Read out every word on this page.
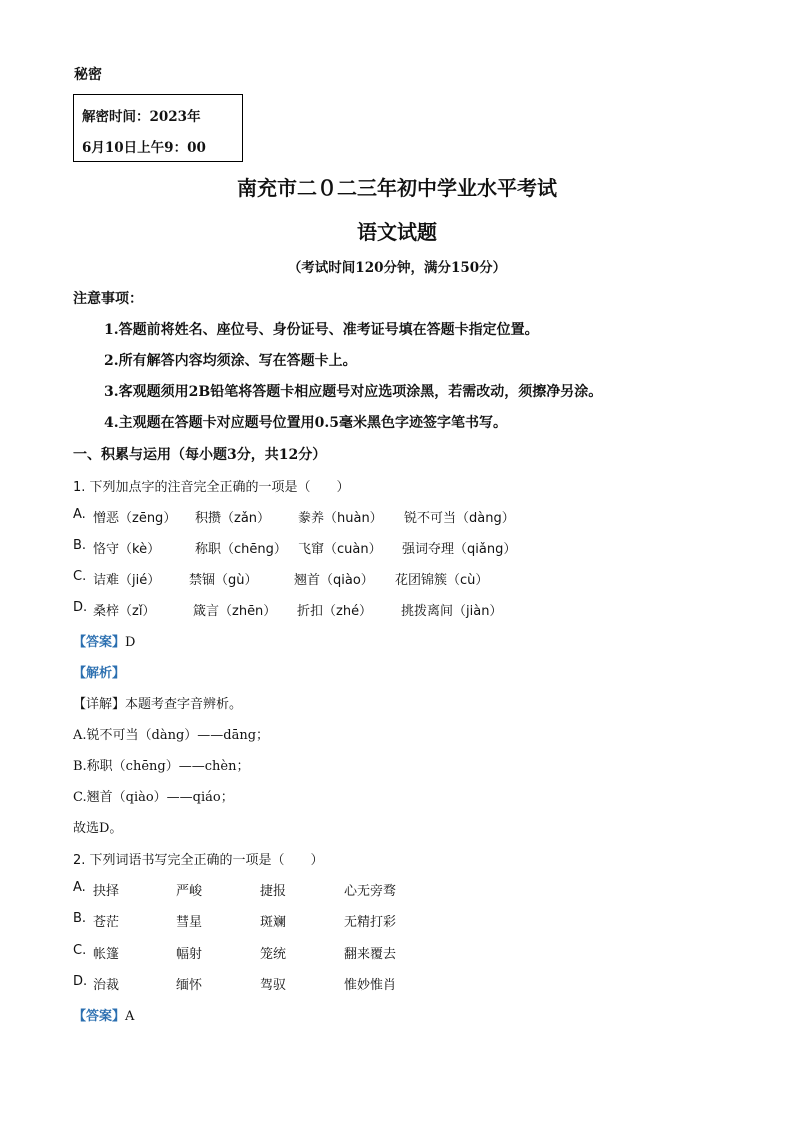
秘密
解密时间：2023年
6月10日上午9：00
南充市二０二三年初中学业水平考试
语文试题
（考试时间120分钟，满分150分）
注意事项：
1.答题前将姓名、座位号、身份证号、准考证号填在答题卡指定位置。
2.所有解答内容均须涂、写在答题卡上。
3.客观题须用2B铅笔将答题卡相应题号对应选项涂黑，若需改动，须擦净另涂。
4.主观题在答题卡对应题号位置用0.5毫米黑色字迹签字笔书写。
一、积累与运用（每小题3分，共12分）
1. 下列加点字的注音完全正确的一项是（　　）
A. 憎恶（zēng） 积攒（zǎn） 豢养（huàn） 锐不可当（dàng）
B. 恪守（kè）	称职（chēng） 飞窜（cuàn） 强词夺理（qiǎng）
C. 诘难（jié） 禁锢（gù）	翘首（qiào） 花团锦簇（cù）
D. 桑梓（zǐ）	箴言（zhēn） 折扣（zhé） 挑拨离间（jiàn）
【答案】D
【解析】
【详解】本题考查字音辨析。
A.锐不可当（dàng）——dāng；
B.称职（chēng）——chèn；
C.翘首（qiào）——qiáo；
故选D。
2. 下列词语书写完全正确的一项是（　　）
A. 抉择	严峻	捷报	心无旁骛
B. 苍茫	彗星	斑斓	无精打彩
C. 帐篷	幅射	笼统	翻来覆去
D. 治裁	缅怀	驾驭	惟妙惟肖
【答案】A
